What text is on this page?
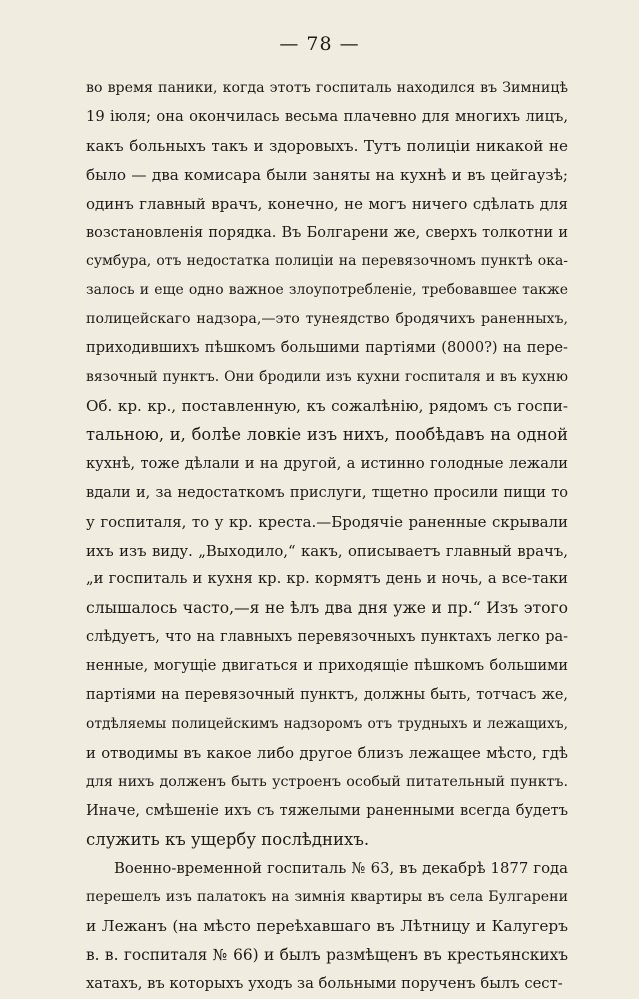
— 78 —
во время паники, когда этотъ госпиталь находился въ Зимницѣ
19 іюля; она окончилась весьма плачевно для многихъ лицъ,
какъ больныхъ такъ и здоровыхъ. Тутъ полиціи никакой не
было — два комисара были заняты на кухнѣ и въ цейгаузѣ;
одинъ главный врачъ, конечно, не могъ ничего сдѣлать для
возстановленія порядка. Въ Болгарени же, сверхъ толкотни и
сумбура, отъ недостатка полиціи на перевязочномъ пунктѣ ока-
залось и еще одно важное злоупотребленіе, требовавшее также
полицейскаго надзора,—это тунеядство бродячихъ раненныхъ,
приходившихъ пѣшкомъ большими партіями (8000?) на пере-
вязочный пунктъ. Они бродили изъ кухни госпиталя и въ кухню
Об. кр. кр., поставленную, къ сожалѣнію, рядомъ съ госпи-
тальною, и, болѣе ловкіе изъ нихъ, пообѣдавъ на одной
кухнѣ, тоже дѣлали и на другой, а истинно голодные лежали
вдали и, за недостаткомъ прислуги, тщетно просили пищи то
у госпиталя, то у кр. креста.—Бродячіе раненные скрывали
ихъ изъ виду. „Выходило,“ какъ, описываетъ главный врачъ,
„и госпиталь и кухня кр. кр. кормятъ день и ночь, а все-таки
слышалось часто,—я не ѣлъ два дня уже и пр.“ Изъ этого
слѣдуетъ, что на главныхъ перевязочныхъ пунктахъ легко ра-
ненные, могущіе двигаться и приходящіе пѣшкомъ большими
партіями на перевязочный пунктъ, должны быть, тотчасъ же,
отдѣляемы полицейскимъ надзоромъ отъ трудныхъ и лежащихъ,
и отводимы въ какое либо другое близъ лежащее мѣсто, гдѣ
для нихъ долженъ быть устроенъ особый питательный пунктъ.
Иначе, смѣшеніе ихъ съ тяжелыми раненными всегда будетъ
служить къ ущербу послѣднихъ.
Военно-временной госпиталь № 63, въ декабрѣ 1877 года
перешелъ изъ палатокъ на зимнія квартиры въ села Булгарени
и Лежанъ (на мѣсто переѣхавшаго въ Лѣтницу и Калугеръ
в. в. госпиталя № 66) и былъ размѣщенъ въ крестьянскихъ
хатахъ, въ которыхъ уходъ за больными порученъ былъ сест-
